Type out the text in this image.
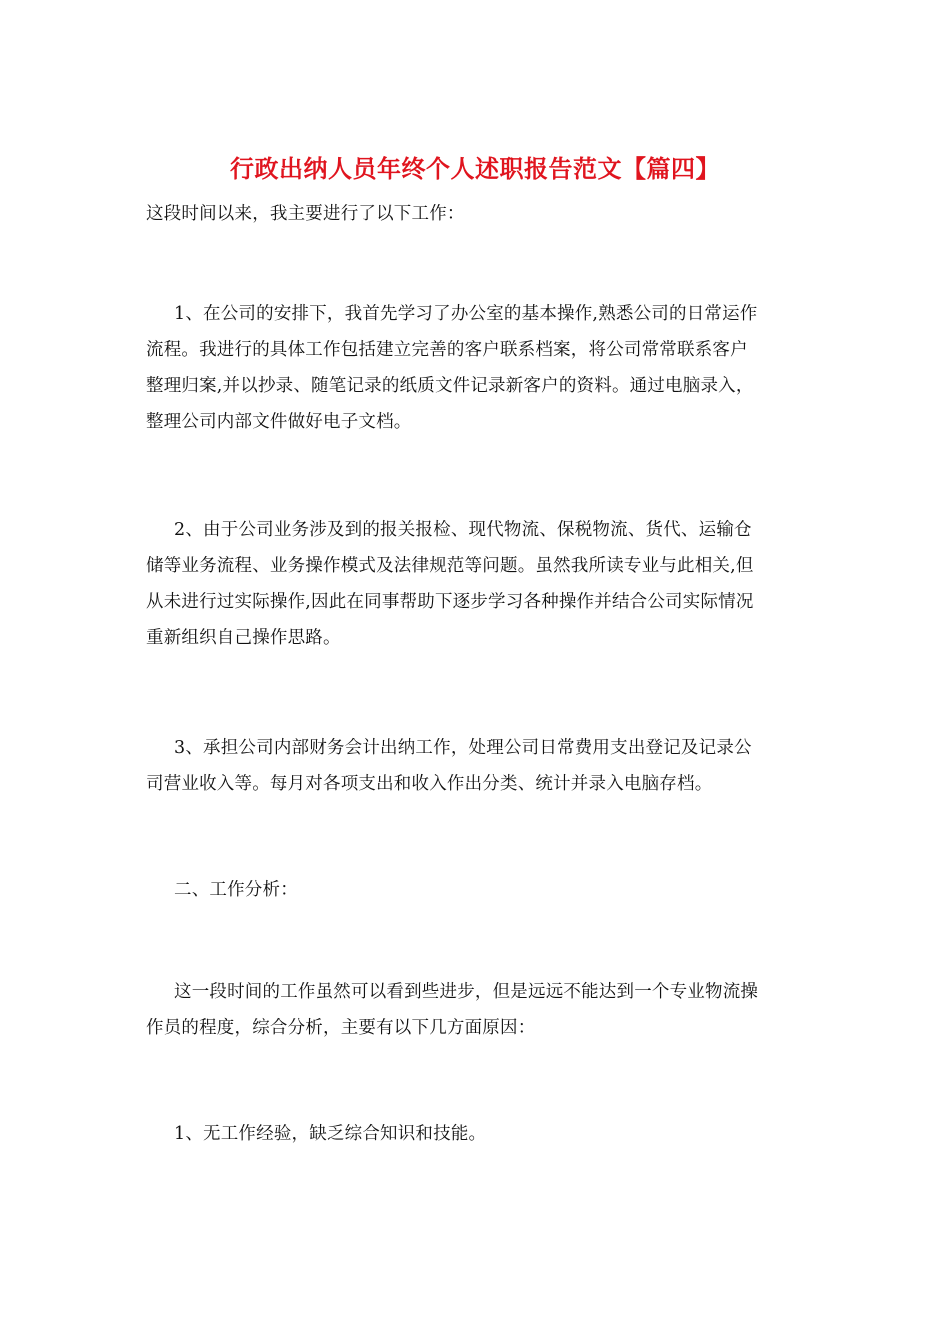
行政出纳人员年终个人述职报告范文【篇四】
这段时间以来，我主要进行了以下工作：
1、在公司的安排下，我首先学习了办公室的基本操作,熟悉公司的日常运作
流程。我进行的具体工作包括建立完善的客户联系档案，将公司常常联系客户
整理归案,并以抄录、随笔记录的纸质文件记录新客户的资料。通过电脑录入，
整理公司内部文件做好电子文档。
2、由于公司业务涉及到的报关报检、现代物流、保税物流、货代、运输仓
储等业务流程、业务操作模式及法律规范等问题。虽然我所读专业与此相关,但
从未进行过实际操作,因此在同事帮助下逐步学习各种操作并结合公司实际情况
重新组织自己操作思路。
3、承担公司内部财务会计出纳工作，处理公司日常费用支出登记及记录公
司营业收入等。每月对各项支出和收入作出分类、统计并录入电脑存档。
二、工作分析：
这一段时间的工作虽然可以看到些进步，但是远远不能达到一个专业物流操
作员的程度，综合分析，主要有以下几方面原因：
1、无工作经验，缺乏综合知识和技能。
